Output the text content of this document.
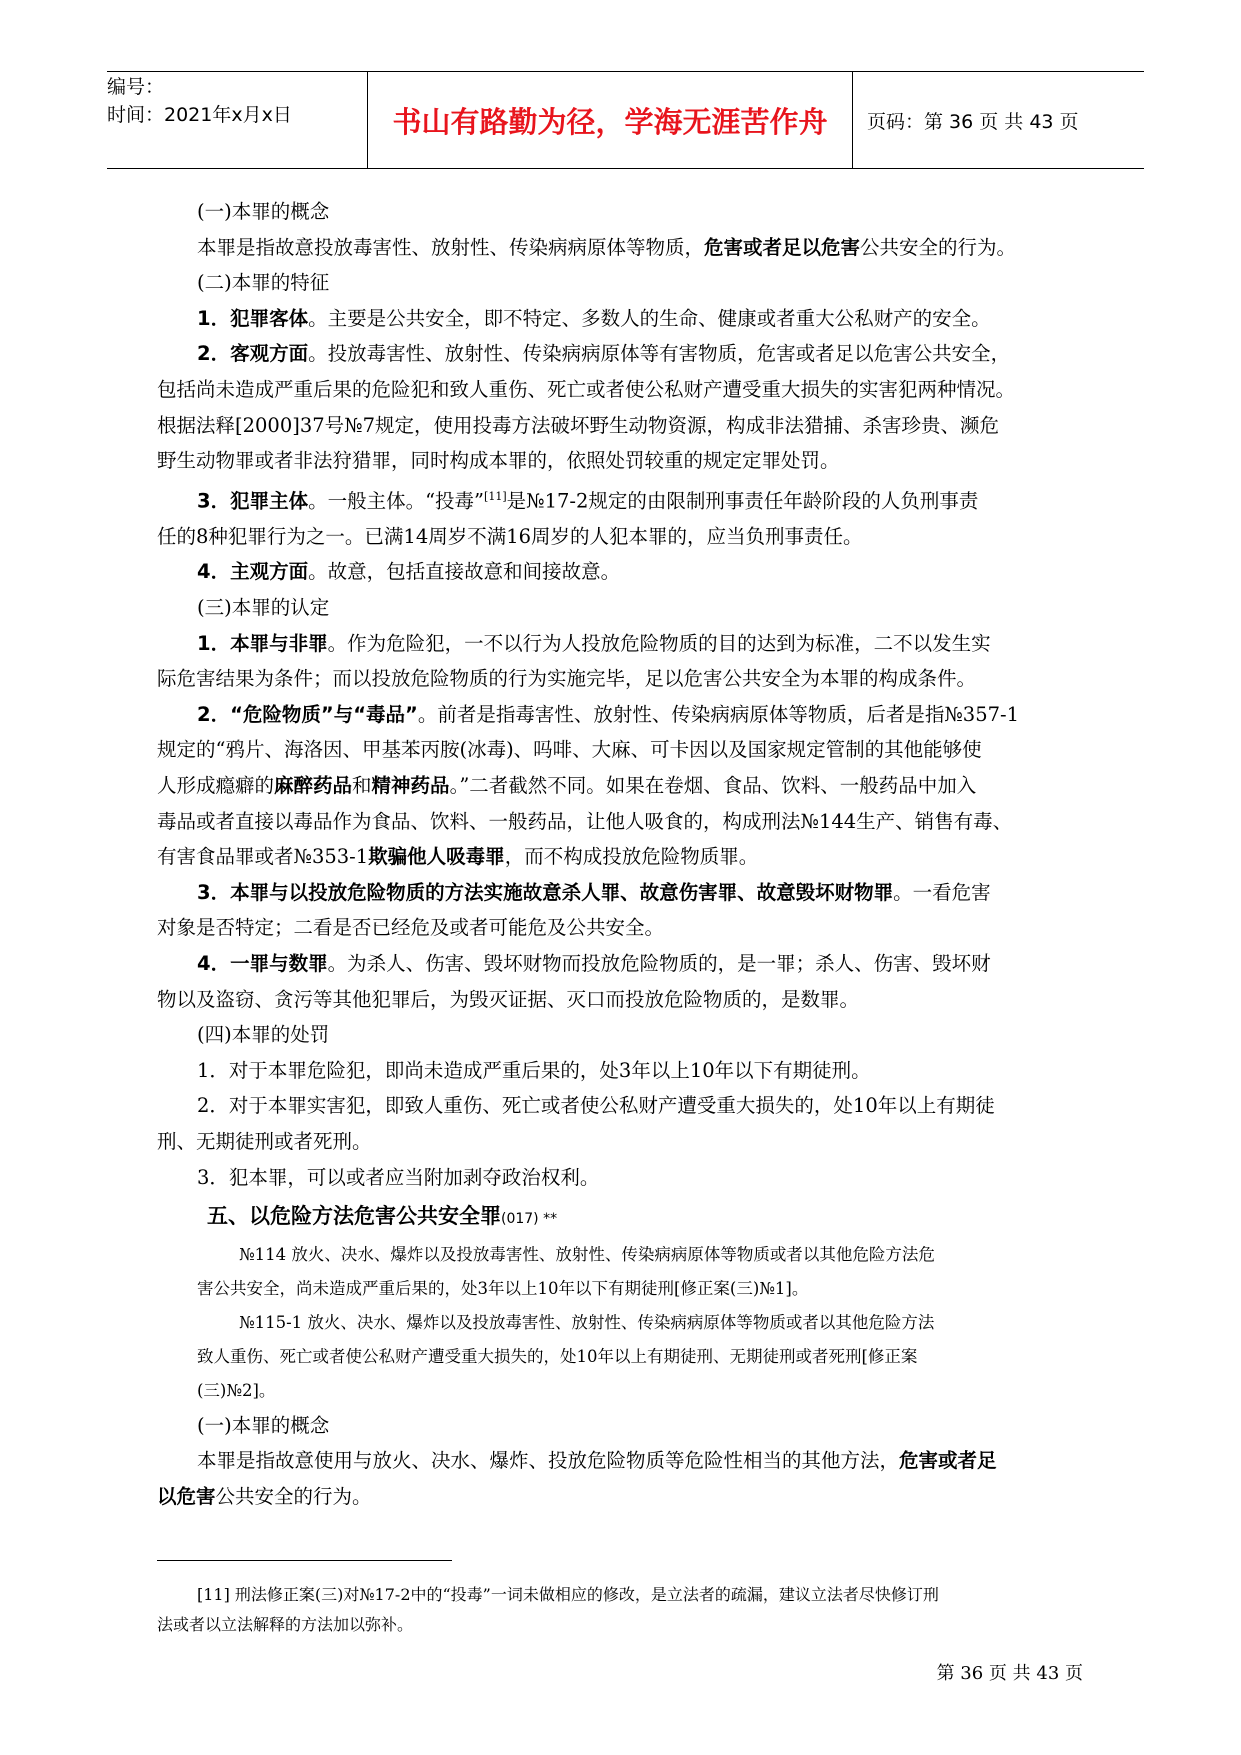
编号：
时间：2021年x月x日	书山有路勤为径，学海无涯苦作舟	页码：第 36 页 共 43 页

(一)本罪的概念

本罪是指故意投放毒害性、放射性、传染病病原体等物质，危害或者足以危害公共安全的行为。

(二)本罪的特征

1．犯罪客体。主要是公共安全，即不特定、多数人的生命、健康或者重大公私财产的安全。

2．客观方面。投放毒害性、放射性、传染病病原体等有害物质，危害或者足以危害公共安全，

包括尚未造成严重后果的危险犯和致人重伤、死亡或者使公私财产遭受重大损失的实害犯两种情况。

根据法释[2000]37号№7规定，使用投毒方法破坏野生动物资源，构成非法猎捕、杀害珍贵、濒危

野生动物罪或者非法狩猎罪，同时构成本罪的，依照处罚较重的规定定罪处罚。

3．犯罪主体。一般主体。“投毒”[11]是№17-2规定的由限制刑事责任年龄阶段的人负刑事责

任的8种犯罪行为之一。已满14周岁不满16周岁的人犯本罪的，应当负刑事责任。

4．主观方面。故意，包括直接故意和间接故意。

(三)本罪的认定

1．本罪与非罪。作为危险犯，一不以行为人投放危险物质的目的达到为标准，二不以发生实

际危害结果为条件；而以投放危险物质的行为实施完毕，足以危害公共安全为本罪的构成条件。

2．“危险物质”与“毒品”。前者是指毒害性、放射性、传染病病原体等物质，后者是指№357-1

规定的“鸦片、海洛因、甲基苯丙胺(冰毒)、吗啡、大麻、可卡因以及国家规定管制的其他能够使

人形成瘾癖的麻醉药品和精神药品。”二者截然不同。如果在卷烟、食品、饮料、一般药品中加入

毒品或者直接以毒品作为食品、饮料、一般药品，让他人吸食的，构成刑法№144生产、销售有毒、

有害食品罪或者№353-1欺骗他人吸毒罪，而不构成投放危险物质罪。

3．本罪与以投放危险物质的方法实施故意杀人罪、故意伤害罪、故意毁坏财物罪。一看危害

对象是否特定；二看是否已经危及或者可能危及公共安全。

4．一罪与数罪。为杀人、伤害、毁坏财物而投放危险物质的，是一罪；杀人、伤害、毁坏财

物以及盗窃、贪污等其他犯罪后，为毁灭证据、灭口而投放危险物质的，是数罪。

(四)本罪的处罚

1．对于本罪危险犯，即尚未造成严重后果的，处3年以上10年以下有期徒刑。

2．对于本罪实害犯，即致人重伤、死亡或者使公私财产遭受重大损失的，处10年以上有期徒

刑、无期徒刑或者死刑。

3．犯本罪，可以或者应当附加剥夺政治权利。

五、以危险方法危害公共安全罪(017) **

№114 放火、决水、爆炸以及投放毒害性、放射性、传染病病原体等物质或者以其他危险方法危

害公共安全，尚未造成严重后果的，处3年以上10年以下有期徒刑[修正案(三)№1]。

№115-1 放火、决水、爆炸以及投放毒害性、放射性、传染病病原体等物质或者以其他危险方法

致人重伤、死亡或者使公私财产遭受重大损失的，处10年以上有期徒刑、无期徒刑或者死刑[修正案

(三)№2]。

(一)本罪的概念

本罪是指故意使用与放火、决水、爆炸、投放危险物质等危险性相当的其他方法，危害或者足

以危害公共安全的行为。

[11] 刑法修正案(三)对№17-2中的“投毒”一词未做相应的修改，是立法者的疏漏，建议立法者尽快修订刑

法或者以立法解释的方法加以弥补。

第 36 页 共 43 页
